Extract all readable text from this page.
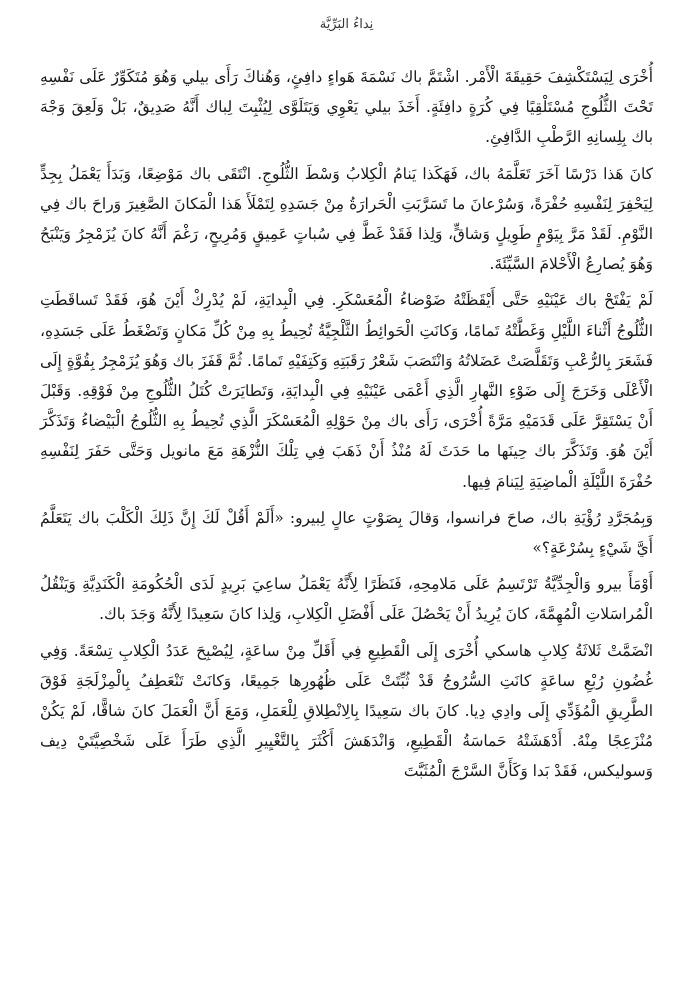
نِداءُ البَرِّيَّة

أُخْرَى لِيَسْتَكْشِفَ حَقِيقَةَ الْأَمْر. اشْتَمَّ باك نَسْمَةَ هَواءٍ دافِئٍ، وَهُناكَ رَأَى بيلي وَهُوَ مُتَكَوِّرٌ عَلَى نَفْسِهِ تَحْتَ الثُّلُوجِ مُسْتَلْقِيًا فِي كُرَةٍ دافِئَةٍ. أَخَذَ بيلي يَعْوِي وَيَتَلَوَّى لِيُثْبِتَ لِباك أَنَّهُ صَدِيقٌ، بَلْ وَلَعِقَ وَجْهَ باك بِلِسانِهِ الرَّطْبِ الدَّافِئِ.

كانَ هَذا دَرْسًا آخَرَ تَعَلَّمَهُ باك، فَهَكَذا يَنامُ الْكِلابُ وَسْطَ الثُّلُوجِ. انْتَقَى باك مَوْضِعًا، وَبَدَأَ يَعْمَلُ بِجِدٍّ لِيَحْفِرَ لِنَفْسِهِ حُفْرَةً، وَسُرْعانَ ما تَسَرَّبَتِ الْحَرارَةُ مِنْ جَسَدِهِ لِتَمْلَأَ هَذا الْمَكانَ الصَّغِيرَ وَراحَ باك فِي النَّوْمِ. لَقَدْ مَرَّ بِيَوْمٍ طَوِيلٍ وَشاقٍّ، وَلِذا فَقَدْ غَطَّ فِي سُباتٍ عَمِيقٍ وَمُرِيحٍ، رَغْمَ أَنَّهُ كانَ يُزَمْجِرُ وَيَنْبَحُ وَهُوَ يُصارِعُ الْأَحْلامَ السَّيِّئَةَ.

لَمْ يَفْتَحْ باك عَيْنَيْهِ حَتَّى أَيْقَظَتْهُ ضَوْضاءُ الْمُعَسْكَرِ. فِي الْبِدايَةِ، لَمْ يُدْرِكْ أَيْنَ هُوَ، فَقَدْ تَساقَطَتِ الثُّلُوجُ أَثْناءَ اللَّيْلِ وَغَطَّتْهُ تَمامًا، وَكانَتِ الْحَوائِطُ الثَّلْجِيَّةُ تُحِيطُ بِهِ مِنْ كُلِّ مَكانٍ وَتَضْغَطُ عَلَى جَسَدِهِ، فَشَعَرَ بِالرُّعْبِ وَتَقَلَّصَتْ عَضَلاتُهُ وَانْتَصَبَ شَعْرُ رَقَبَتِهِ وَكَتِفَيْهِ تَمامًا. ثُمَّ قَفَزَ باك وَهُوَ يُزَمْجِرُ بِقُوَّةٍ إِلَى الْأَعْلَى وَخَرَجَ إِلَى ضَوْءِ النَّهارِ الَّذِي أَعْمَى عَيْنَيْهِ فِي الْبِدايَةِ، وَتَطايَرَتْ كُتَلُ الثُّلُوجِ مِنْ فَوْقِهِ. وَقَبْلَ أَنْ يَسْتَقِرَّ عَلَى قَدَمَيْهِ مَرَّةً أُخْرَى، رَأَى باك مِنْ حَوْلِهِ الْمُعَسْكَرَ الَّذِي تُحِيطُ بِهِ الثُّلُوجُ الْبَيْضاءُ وَتَذَكَّرَ أَيْنَ هُوَ. وَتَذَكَّرَ باك حِينَها ما حَدَثَ لَهُ مُنْذُ أَنْ ذَهَبَ فِي تِلْكَ النُّزْهَةِ مَعَ مانويل وَحَتَّى حَفَرَ لِنَفْسِهِ حُفْرَةَ اللَّيْلَةِ الْماضِيَةِ لِيَنامَ فِيها.

وَبِمُجَرَّدِ رُؤْيَةِ باك، صاحَ فرانسوا، وَقالَ بِصَوْتٍ عالٍ لِبيرو: «أَلَمْ أَقُلْ لَكَ إِنَّ ذَلِكَ الْكَلْبَ باك يَتَعَلَّمُ أَيَّ شَيْءٍ بِسُرْعَةٍ؟»

أَوْمَأَ بيرو وَالْجِدِّيَّةُ تَرْتَسِمُ عَلَى مَلامِحِهِ، فَنَظَرًا لِأَنَّهُ يَعْمَلُ ساعِيَ بَرِيدٍ لَدَى الْحُكُومَةِ الْكَنَدِيَّةِ وَيَنْقُلُ الْمُراسَلاتِ الْمُهِمَّةَ، كانَ يُرِيدُ أَنْ يَحْصُلَ عَلَى أَفْضَلِ الْكِلابِ، وَلِذا كانَ سَعِيدًا لِأَنَّهُ وَجَدَ باك.

انْضَمَّتْ ثَلاثَةُ كِلابِ هاسكي أُخْرَى إِلَى الْقَطِيعِ فِي أَقَلِّ مِنْ ساعَةٍ، لِيُصْبِحَ عَدَدُ الْكِلابِ تِسْعَةً. وَفِي غُضُونِ رُبْعِ ساعَةٍ كانَتِ السُّرُوجُ قَدْ ثُبِّتَتْ عَلَى ظُهُورِها جَمِيعًا، وَكانَتْ تَنْعَطِفُ بِالْمِزْلَجَةِ فَوْقَ الطَّرِيقِ الْمُؤَدِّي إِلَى وادِي دِيا. كانَ باك سَعِيدًا بِالِانْطِلاقِ لِلْعَمَلِ، وَمَعَ أَنَّ الْعَمَلَ كانَ شاقًّا، لَمْ يَكُنْ مُنْزَعِجًا مِنْهُ. أَدْهَشَتْهُ حَماسَةُ الْقَطِيعِ، وَانْدَهَشَ أَكْثَرَ بِالتَّغْيِيرِ الَّذِي طَرَأَ عَلَى شَخْصِيَّتَيْ دِيف وَسوليكس، فَقَدْ بَدا وَكَأَنَّ السَّرْجَ الْمُثَبَّتَ
